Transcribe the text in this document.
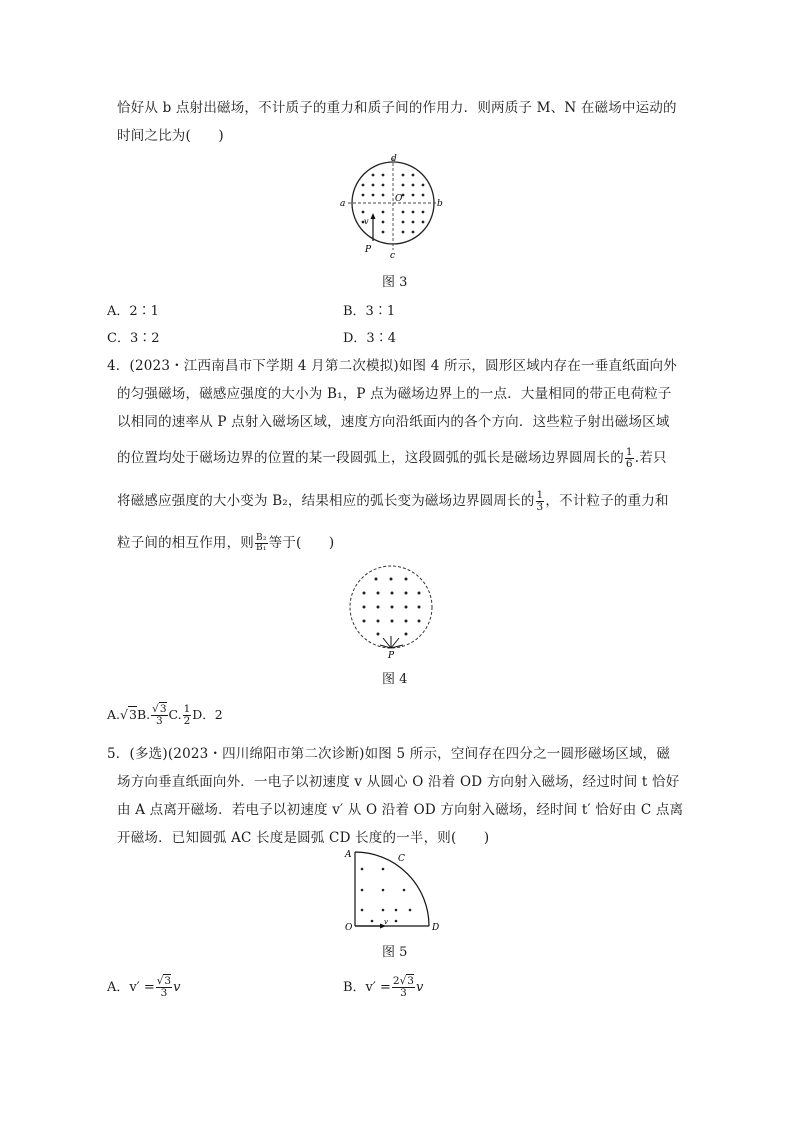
恰好从 b 点射出磁场，不计质子的重力和质子间的作用力．则两质子 M、N 在磁场中运动的
时间之比为(　　)
d
a	b
O
v
P
c
图 3
A．2∶1	B．3∶1
C．3∶2	D．3∶4
4．(2023・江西南昌市下学期 4 月第二次模拟)如图 4 所示，圆形区域内存在一垂直纸面向外
的匀强磁场，磁感应强度的大小为 B₁，P 点为磁场边界上的一点．大量相同的带正电荷粒子
以相同的速率从 P 点射入磁场区域，速度方向沿纸面内的各个方向．这些粒子射出磁场区域
的位置均处于磁场边界的位置的某一段圆弧上，这段圆弧的弧长是磁场边界圆周长的 $\frac{1}{6}$ .若只
将磁感应强度的大小变为 B₂，结果相应的弧长变为磁场边界圆周长的 $\frac{1}{3}$ ，不计粒子的重力和
粒子间的相互作用，则 $\frac{\text{B₂}}{\text{B₁}}$ 等于(　　)
P
图 4
A.√3B. $\frac{√3}{3} C$. $\frac{1}{2}$ D．2
5．(多选)(2023・四川绵阳市第二次诊断)如图 5 所示，空间存在四分之一圆形磁场区域，磁
场方向垂直纸面向外．一电子以初速度 v 从圆心 O 沿着 OD 方向射入磁场，经过时间 t 恰好
由 A 点离开磁场．若电子以初速度 v′ 从 O 沿着 OD 方向射入磁场，经时间 t′ 恰好由 C 点离
开磁场．已知圆弧 AC 长度是圆弧 CD 长度的一半，则(　　)
A	C
O	D
v
图 5
A．$v' = \frac{√3}{3}$ v	B．$v' = \frac{2√3}{3}$ v
